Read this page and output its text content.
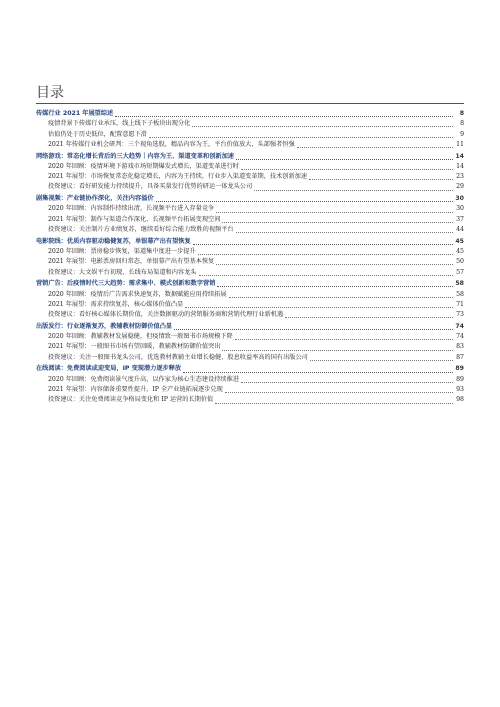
目录
传媒行业 2021 年展望综述	8
疫情背景下传媒行业承压，线上线下子板块出现分化	8
估值仍处于历史低位，配置意愿下滑	9
2021 年传媒行业机会研判：三个视角选股，精品内容为王，平台价值放大，头部强者恒强	11
网络游戏：常态化增长背后的三大趋势｜内容为王、渠道变革和创新加速	14
2020 年回顾：疫情环境下游戏市场短期爆发式增长，渠道变革进行时	14
2021 年展望：市场恢复常态化稳定增长，内容为王持续，行业步入渠道变革期，技术创新加速	23
投资建议：看好研发能力持续提升，具备买量发行优势的研运一体龙头公司	29
剧集视频：产业链协作深化，关注内容溢价	30
2020 年回顾：内容制作持续出清，长视频平台进入存量竞争	30
2021 年展望：制作与渠道合作深化、长视频平台拓展变现空间	37
投资建议：关注制片方业绩复苏，继续看好综合能力致胜的视频平台	44
电影院线：优质内容驱动稳健复苏，单银幕产出有望恢复	45
2020 年回顾：票房稳步恢复，渠道集中度进一步提升	45
2021 年展望：电影票房回归常态，单银幕产出有望基本恢复	50
投资建议：大文娱平台初现，长线布局渠道和内容龙头	57
营销广告：后疫情时代三大趋势：需求集中、模式创新和数字营销	58
2020 年回顾：疫情后广告需求快速复苏，数据赋能应用持续拓展	58
2021 年展望：需求持续复苏，核心媒体价值凸显	71
投资建议：看好核心媒体长期价值，关注数据驱动的营销服务商和营销代理行业新机遇	73
出版发行：行业逐渐复苏，教辅教材防御价值凸显	74
2020 年回顾：教辅教材发展稳健，但疫情致一般图书市场规模下降	74
2021 年展望：一般图书市场有望回暖，教辅教材防御价值突出	83
投资建议：关注一般图书龙头公司，优选教材教辅主业增长稳健、股息收益率高的国有出版公司	87
在线阅读：免费阅读或迎变局，IP 变现潜力逐步释放	89
2020 年回顾：免费阅读景气度升高，以作家为核心生态建设持续推进	89
2021 年展望：内容储备重要性提升，IP 全产业链拓展逐步兑现	93
投资建议：关注免费阅读竞争格局变化和 IP 运营的长期价值	98
